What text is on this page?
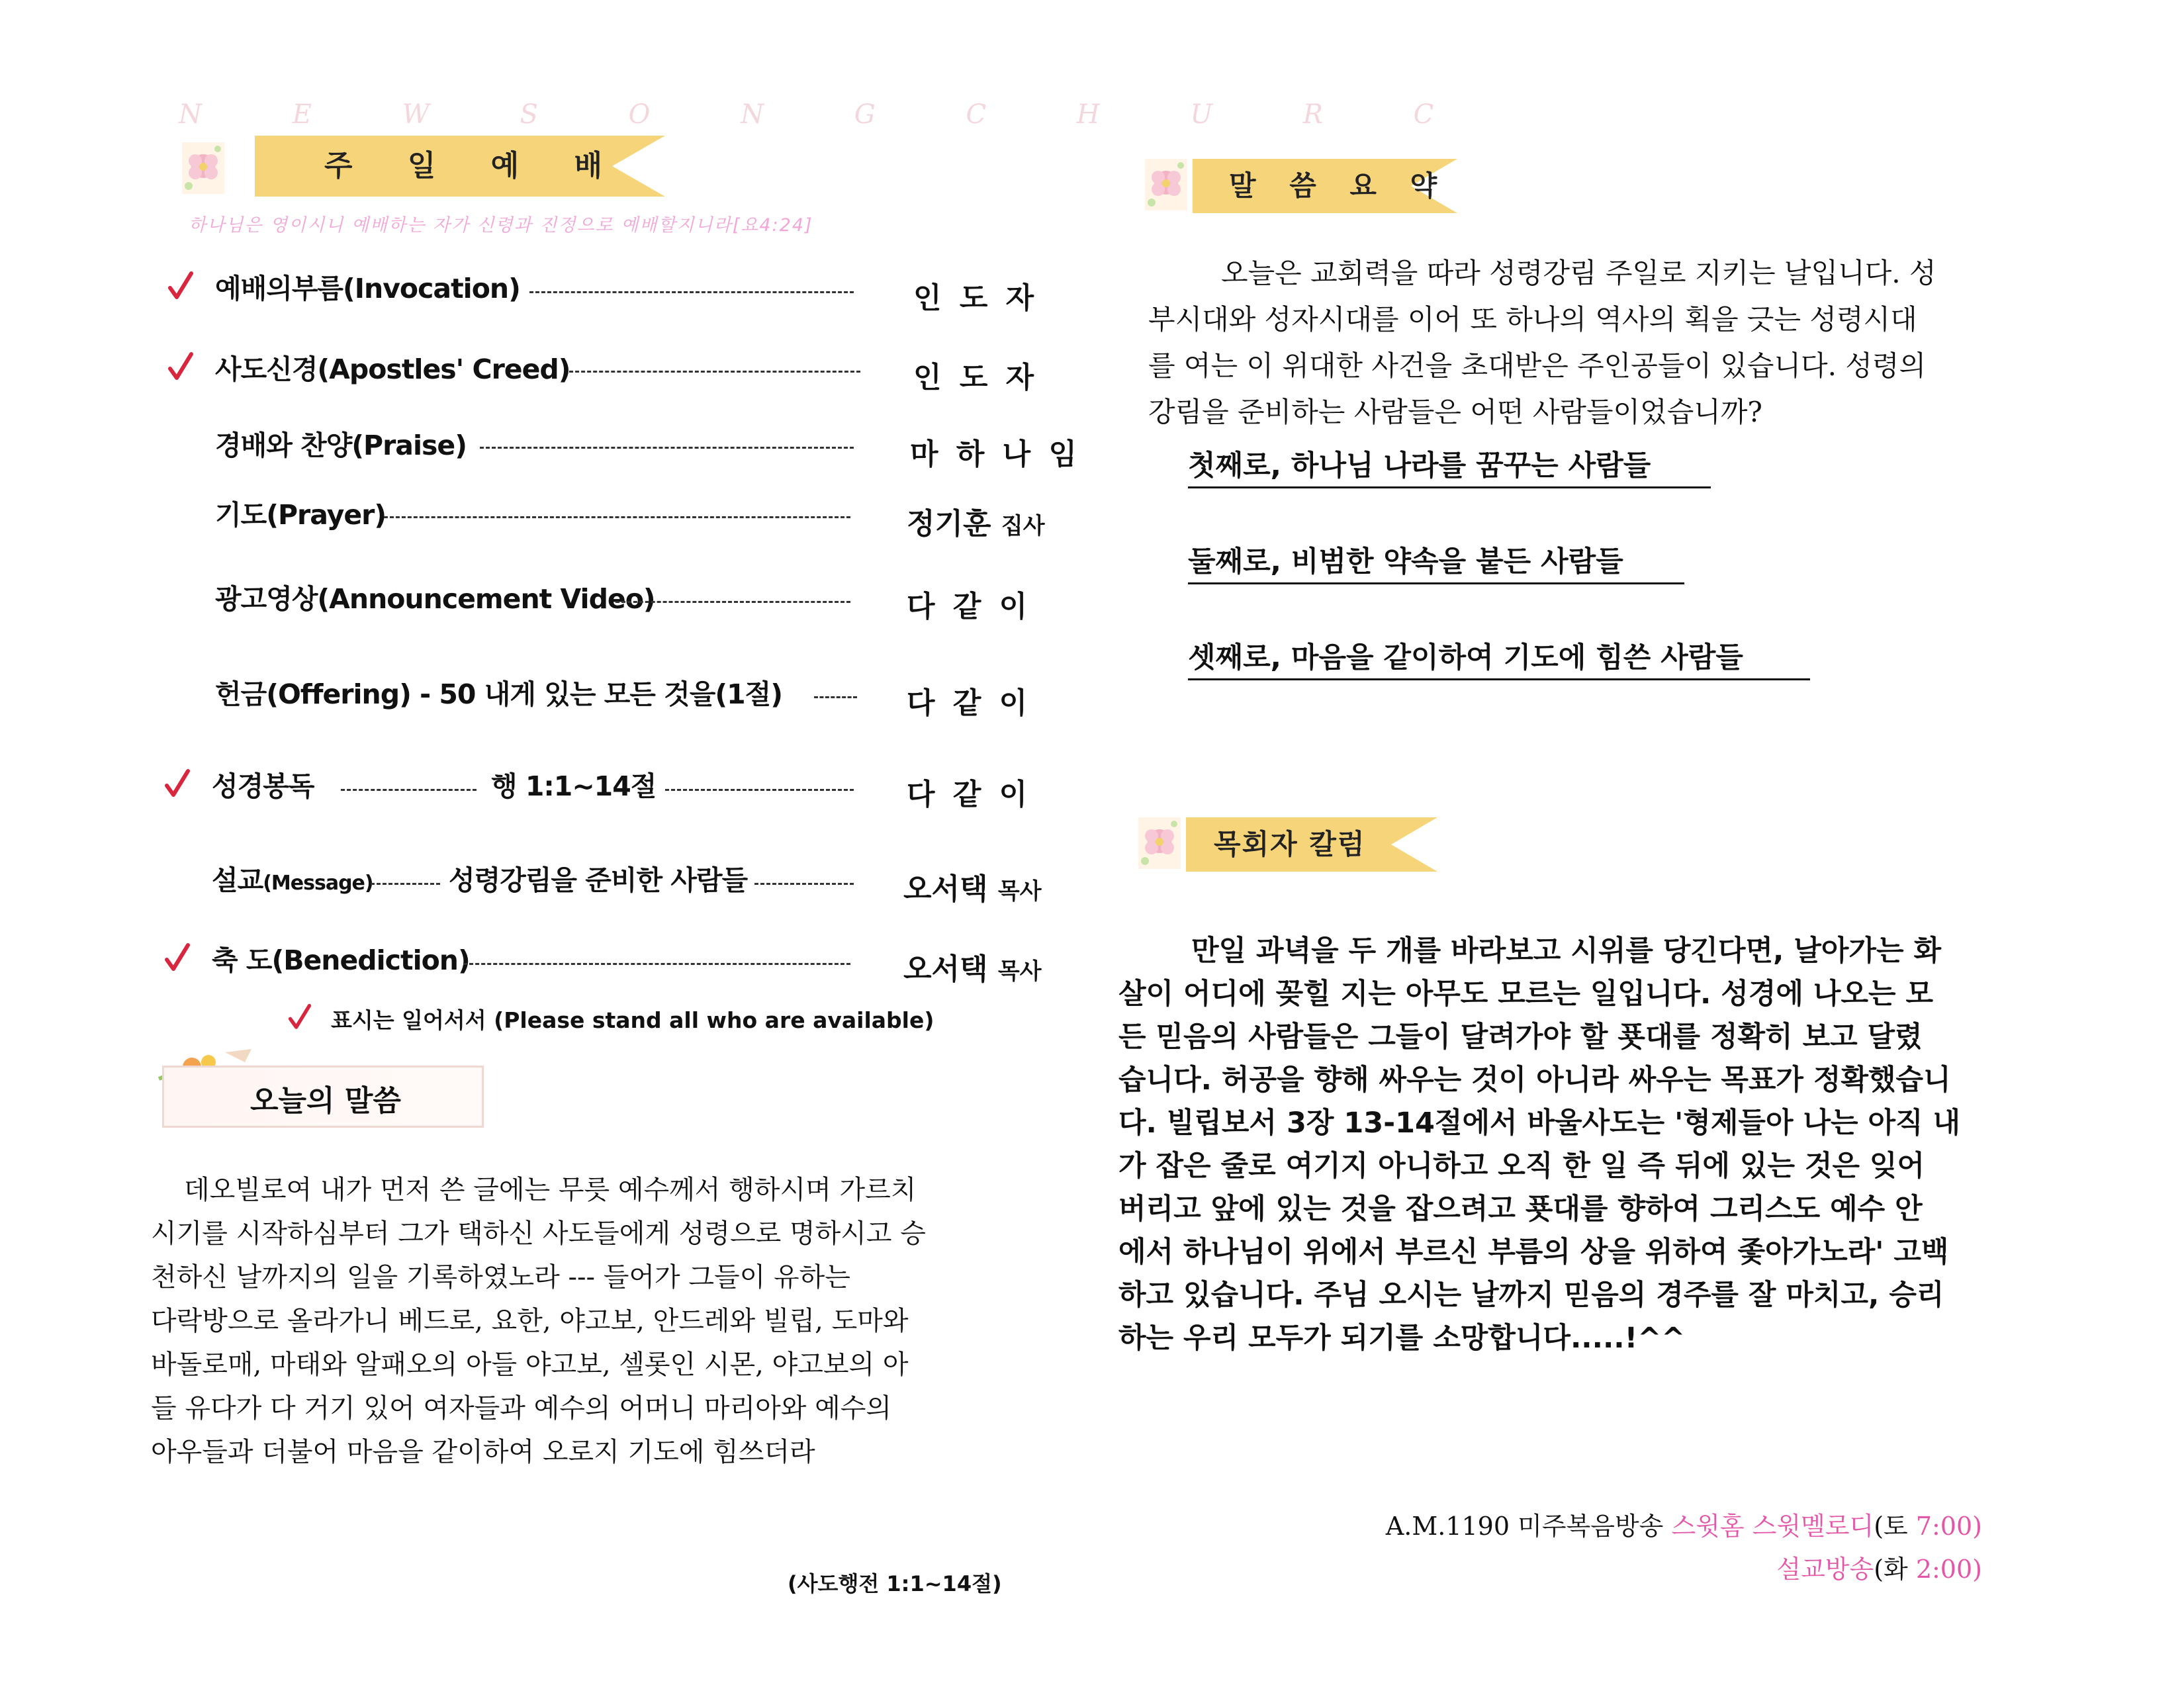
N E W S O N G C H U R C
주 일 예 배
하나님은 영이시니 예배하는 자가 신령과 진정으로 예배할지니라[요4:24]
예배의부름(Invocation)	인 도 자
사도신경(Apostles' Creed)	인 도 자
경배와 찬양(Praise)	마 하 나 임
기도(Prayer)	정기훈 집사
광고영상(Announcement Video)	다 같 이
헌금(Offering) - 50 내게 있는 모든 것을(1절)	다 같 이
성경봉독	행 1:1~14절	다 같 이
설교(Message)	성령강림을 준비한 사람들	오서택 목사
축 도(Benediction)	오서택 목사
표시는 일어서서 (Please stand all who are available)
오늘의 말씀
데오빌로여 내가 먼저 쓴 글에는 무릇 예수께서 행하시며 가르치
시기를 시작하심부터 그가 택하신 사도들에게 성령으로 명하시고 승
천하신 날까지의 일을 기록하였노라 --- 들어가 그들이 유하는
다락방으로 올라가니 베드로, 요한, 야고보, 안드레와 빌립, 도마와
바돌로매, 마태와 알패오의 아들 야고보, 셀롯인 시몬, 야고보의 아
들 유다가 다 거기 있어 여자들과 예수의 어머니 마리아와 예수의
아우들과 더불어 마음을 같이하여 오로지 기도에 힘쓰더라
(사도행전 1:1~14절)
말 씀 요 약
오늘은 교회력을 따라 성령강림 주일로 지키는 날입니다. 성
부시대와 성자시대를 이어 또 하나의 역사의 획을 긋는 성령시대
를 여는 이 위대한 사건을 초대받은 주인공들이 있습니다. 성령의
강림을 준비하는 사람들은 어떤 사람들이었습니까?
첫째로, 하나님 나라를 꿈꾸는 사람들
둘째로, 비범한 약속을 붙든 사람들
셋째로, 마음을 같이하여 기도에 힘쓴 사람들
목회자 칼럼
만일 과녁을 두 개를 바라보고 시위를 당긴다면, 날아가는 화
살이 어디에 꽂힐 지는 아무도 모르는 일입니다. 성경에 나오는 모
든 믿음의 사람들은 그들이 달려가야 할 푯대를 정확히 보고 달렸
습니다. 허공을 향해 싸우는 것이 아니라 싸우는 목표가 정확했습니
다. 빌립보서 3장 13-14절에서 바울사도는 '형제들아 나는 아직 내
가 잡은 줄로 여기지 아니하고 오직 한 일 즉 뒤에 있는 것은 잊어
버리고 앞에 있는 것을 잡으려고 푯대를 향하여 그리스도 예수 안
에서 하나님이 위에서 부르신 부름의 상을 위하여 좇아가노라' 고백
하고 있습니다. 주님 오시는 날까지 믿음의 경주를 잘 마치고, 승리
하는 우리 모두가 되기를 소망합니다.....!^^
A.M.1190 미주복음방송 스윗홈 스윗멜로디(토 7:00)
설교방송(화 2:00)
